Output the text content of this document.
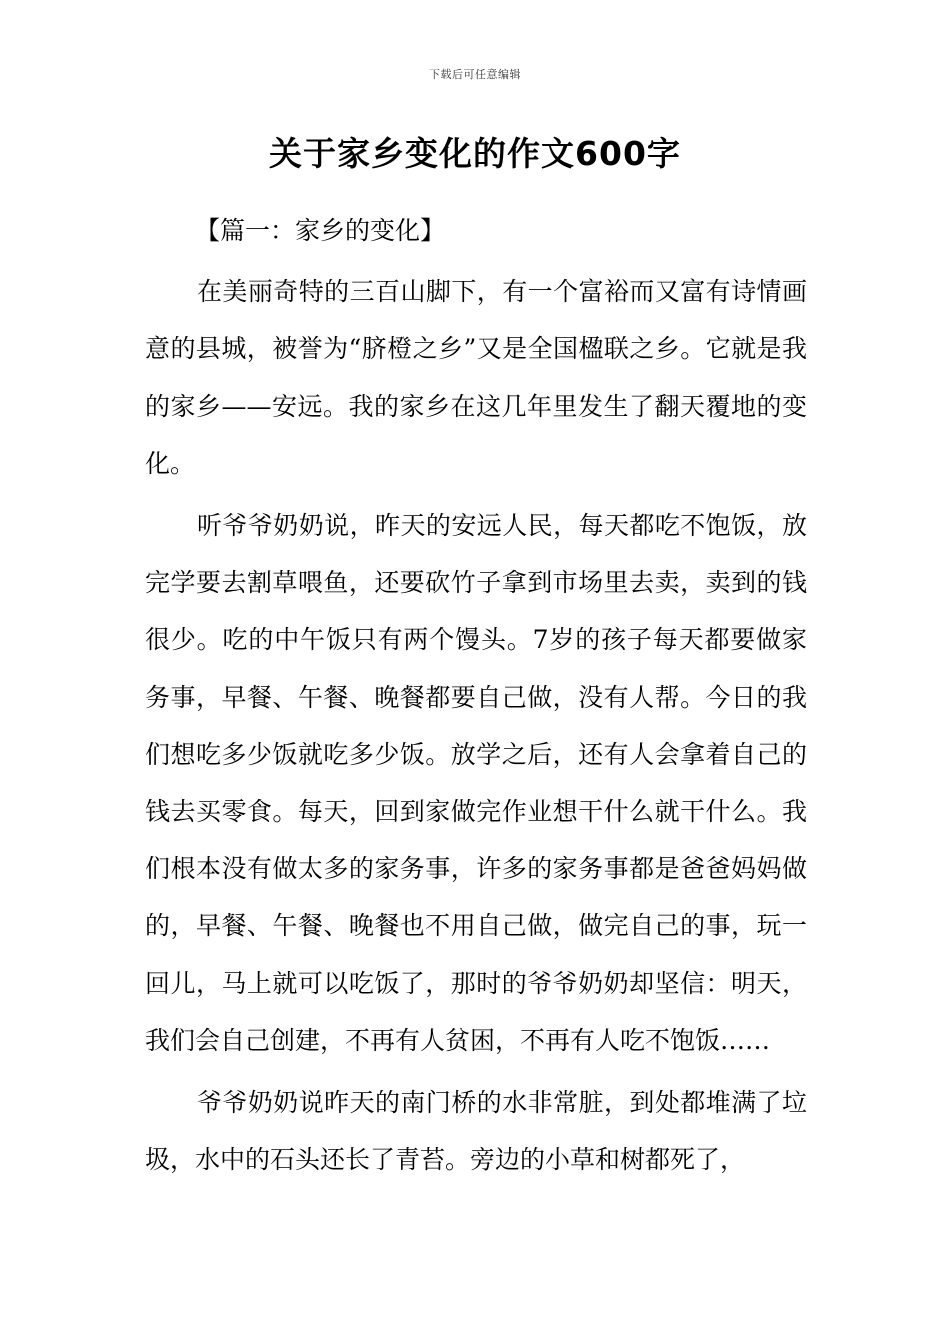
下载后可任意编辑
关于家乡变化的作文600字

【篇一：家乡的变化】

在美丽奇特的三百山脚下，有一个富裕而又富有诗情画意的县城，被誉为“脐橙之乡”又是全国楹联之乡。它就是我的家乡——安远。我的家乡在这几年里发生了翻天覆地的变化。

听爷爷奶奶说，昨天的安远人民，每天都吃不饱饭，放完学要去割草喂鱼，还要砍竹子拿到市场里去卖，卖到的钱很少。吃的中午饭只有两个馒头。7岁的孩子每天都要做家务事，早餐、午餐、晚餐都要自己做，没有人帮。今日的我们想吃多少饭就吃多少饭。放学之后，还有人会拿着自己的钱去买零食。每天，回到家做完作业想干什么就干什么。我们根本没有做太多的家务事，许多的家务事都是爸爸妈妈做的，早餐、午餐、晚餐也不用自己做，做完自己的事，玩一回儿，马上就可以吃饭了，那时的爷爷奶奶却坚信：明天，我们会自己创建，不再有人贫困，不再有人吃不饱饭……

爷爷奶奶说昨天的南门桥的水非常脏，到处都堆满了垃圾，水中的石头还长了青苔。旁边的小草和树都死了，
